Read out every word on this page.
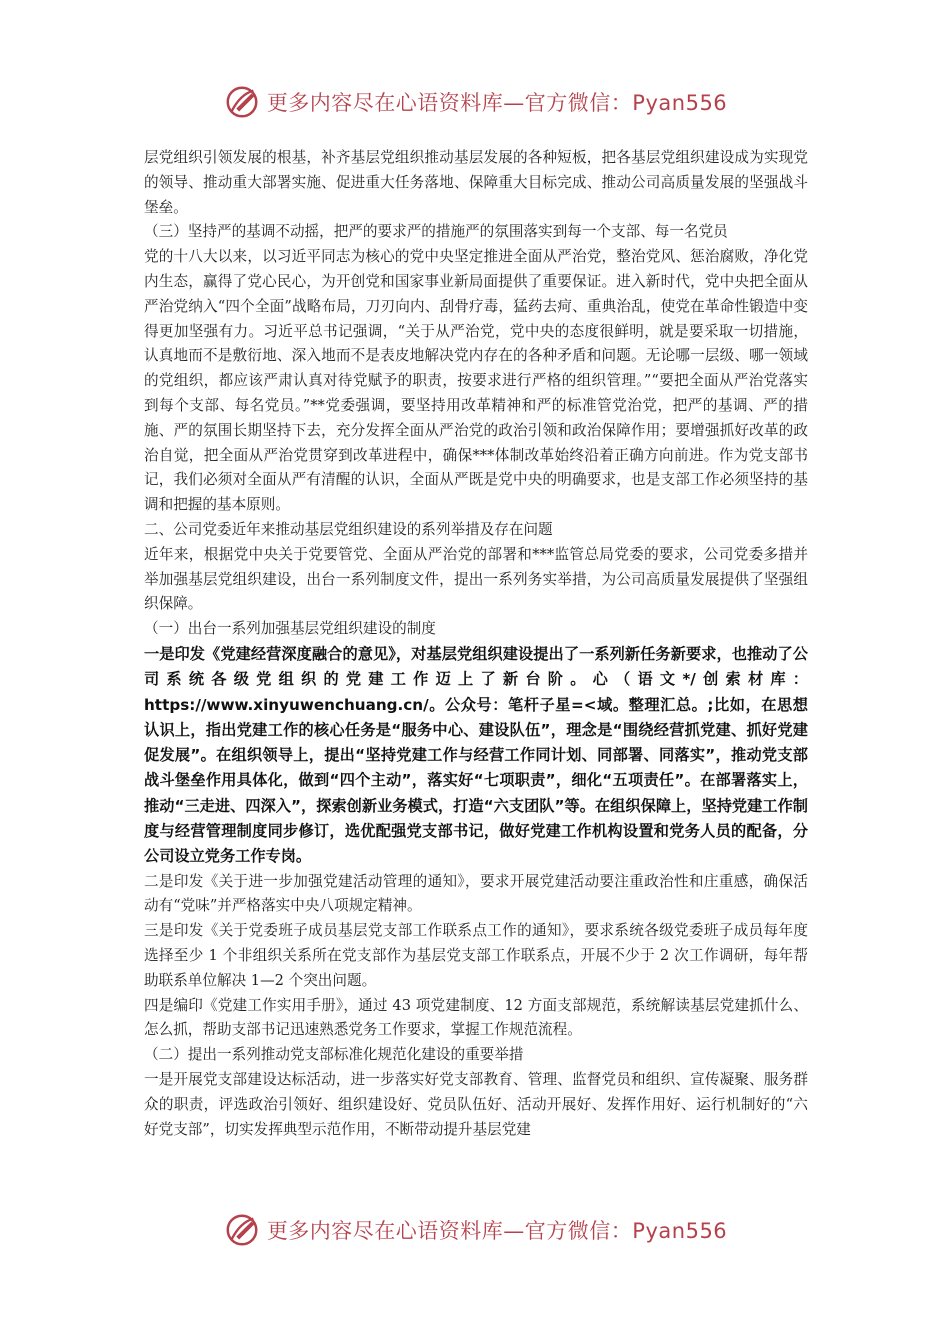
更多内容尽在心语资料库—官方微信：Pyan556

层党组织引领发展的根基，补齐基层党组织推动基层发展的各种短板，把各基层党组织建设成为实现党的领导、推动重大部署实施、促进重大任务落地、保障重大目标完成、推动公司高质量发展的坚强战斗堡垒。

（三）坚持严的基调不动摇，把严的要求严的措施严的氛围落实到每一个支部、每一名党员

党的十八大以来，以习近平同志为核心的党中央坚定推进全面从严治党，整治党风、惩治腐败，净化党内生态，赢得了党心民心，为开创党和国家事业新局面提供了重要保证。进入新时代，党中央把全面从严治党纳入“四个全面”战略布局，刀刃向内、刮骨疗毒，猛药去疴、重典治乱，使党在革命性锻造中变得更加坚强有力。习近平总书记强调，“关于从严治党，党中央的态度很鲜明，就是要采取一切措施，认真地而不是敷衍地、深入地而不是表皮地解决党内存在的各种矛盾和问题。无论哪一层级、哪一领域的党组织，都应该严肃认真对待党赋予的职责，按要求进行严格的组织管理。”“要把全面从严治党落实到每个支部、每名党员。”**党委强调，要坚持用改革精神和严的标准管党治党，把严的基调、严的措施、严的氛围长期坚持下去，充分发挥全面从严治党的政治引领和政治保障作用；要增强抓好改革的政治自觉，把全面从严治党贯穿到改革进程中，确保***体制改革始终沿着正确方向前进。作为党支部书记，我们必须对全面从严有清醒的认识，全面从严既是党中央的明确要求，也是支部工作必须坚持的基调和把握的基本原则。

二、公司党委近年来推动基层党组织建设的系列举措及存在问题

近年来，根据党中央关于党要管党、全面从严治党的部署和***监管总局党委的要求，公司党委多措并举加强基层党组织建设，出台一系列制度文件，提出一系列务实举措，为公司高质量发展提供了坚强组织保障。

（一）出台一系列加强基层党组织建设的制度

一是印发《党建经营深度融合的意见》，对基层党组织建设提出了一系列新任务新要求，也推动了公司系统各级党组织的党建工作迈上了新台阶。心（语文*/创索材库：https://www.xinyuwenchuang.cn/。公众号：笔杆子星=<域。整理汇总。;比如，在思想认识上，指出党建工作的核心任务是“服务中心、建设队伍”，理念是“围绕经营抓党建、抓好党建促发展”。在组织领导上，提出“坚持党建工作与经营工作同计划、同部署、同落实”，推动党支部战斗堡垒作用具体化，做到“四个主动”，落实好“七项职责”，细化“五项责任”。在部署落实上，推动“三走进、四深入”，探索创新业务模式，打造“六支团队”等。在组织保障上，坚持党建工作制度与经营管理制度同步修订，选优配强党支部书记，做好党建工作机构设置和党务人员的配备，分公司设立党务工作专岗。

二是印发《关于进一步加强党建活动管理的通知》，要求开展党建活动要注重政治性和庄重感，确保活动有“党味”并严格落实中央八项规定精神。

三是印发《关于党委班子成员基层党支部工作联系点工作的通知》，要求系统各级党委班子成员每年度选择至少 1 个非组织关系所在党支部作为基层党支部工作联系点，开展不少于 2 次工作调研，每年帮助联系单位解决 1—2 个突出问题。

四是编印《党建工作实用手册》，通过 43 项党建制度、12 方面支部规范，系统解读基层党建抓什么、怎么抓，帮助支部书记迅速熟悉党务工作要求，掌握工作规范流程。

（二）提出一系列推动党支部标准化规范化建设的重要举措

一是开展党支部建设达标活动，进一步落实好党支部教育、管理、监督党员和组织、宣传凝聚、服务群众的职责，评选政治引领好、组织建设好、党员队伍好、活动开展好、发挥作用好、运行机制好的“六好党支部”，切实发挥典型示范作用，不断带动提升基层党建

更多内容尽在心语资料库—官方微信：Pyan556
